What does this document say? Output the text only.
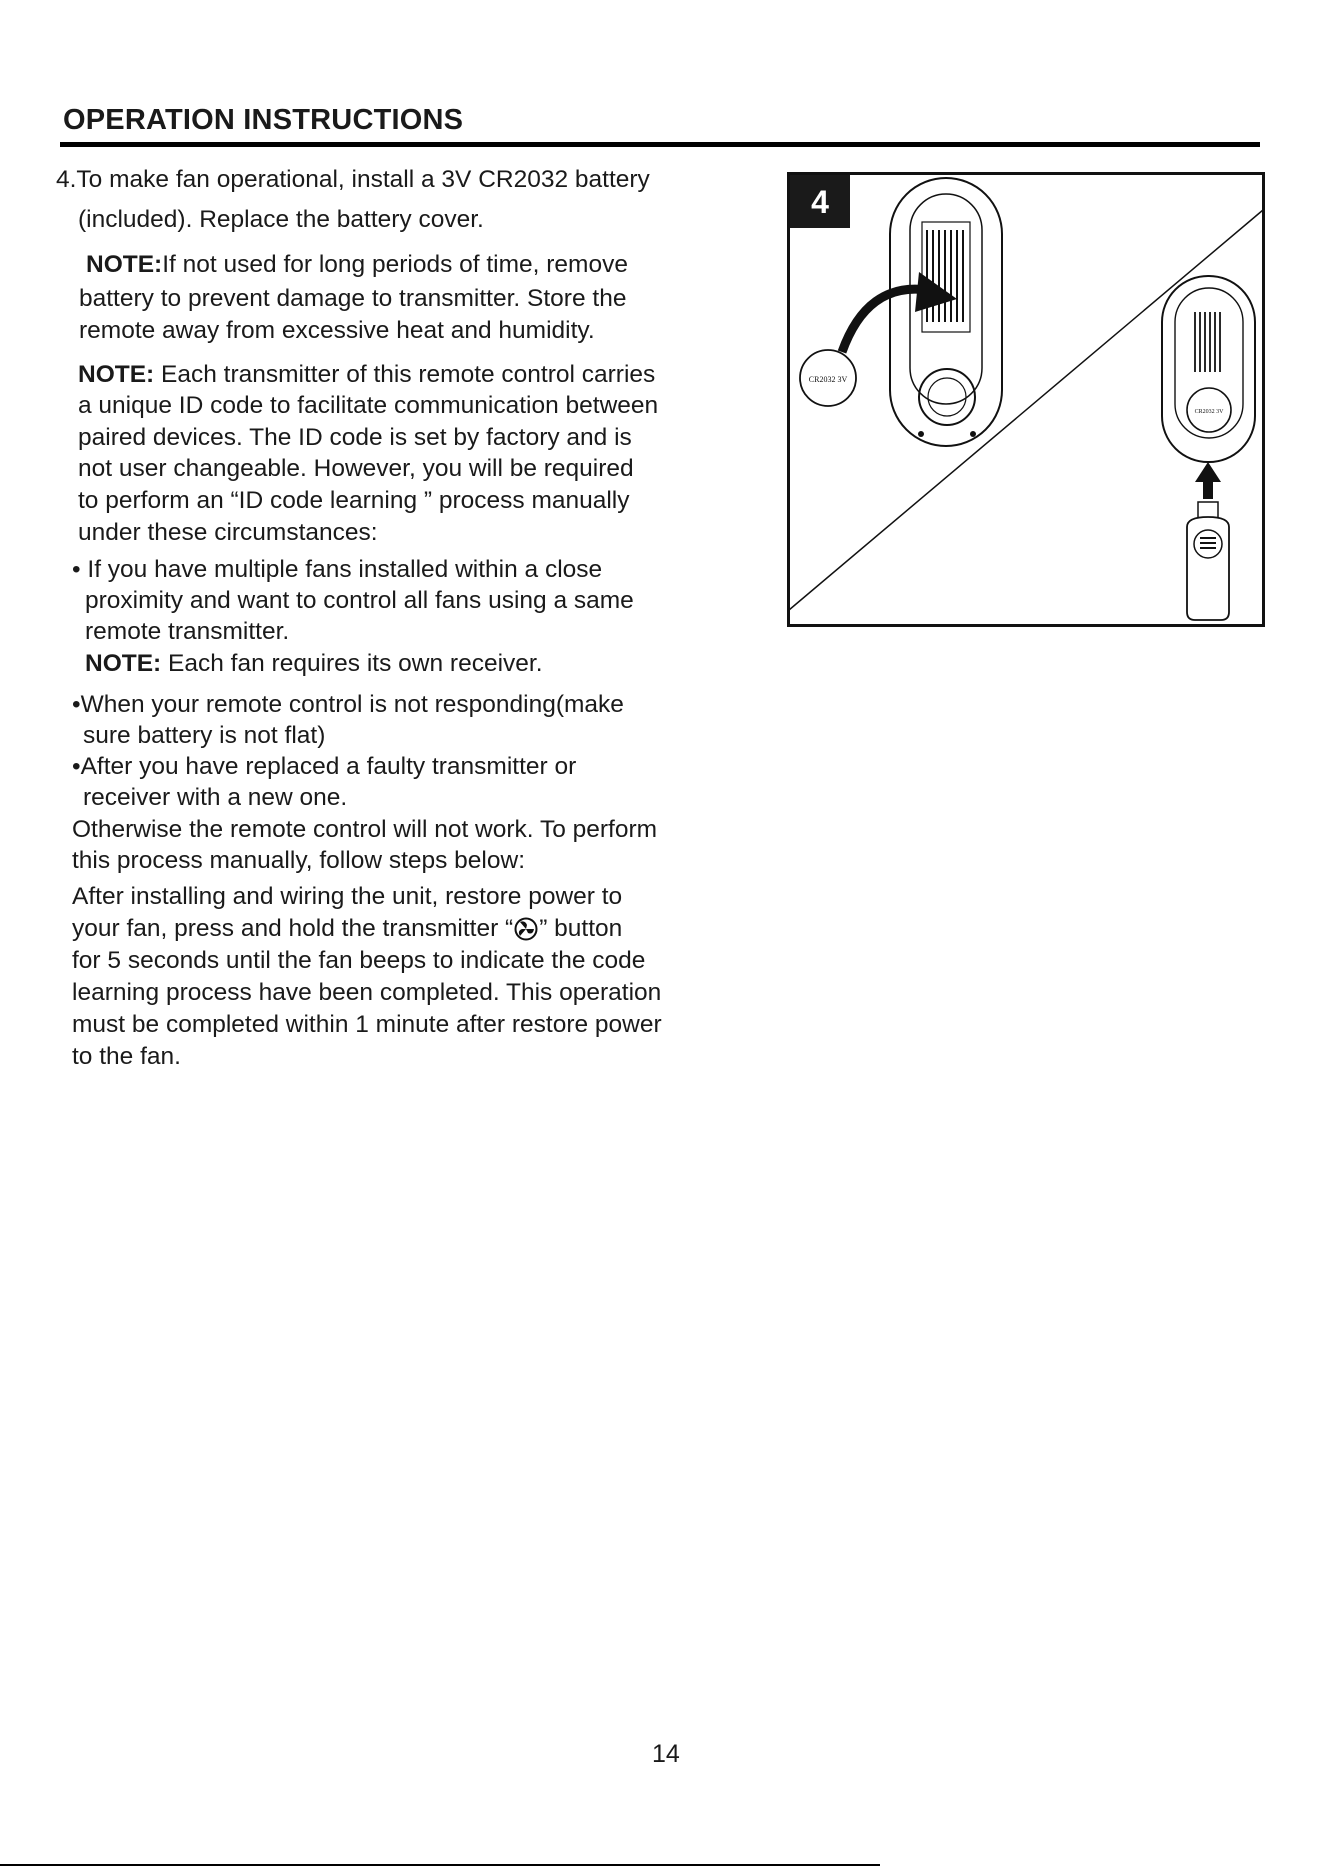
OPERATION INSTRUCTIONS
4.To make fan operational, install a 3V CR2032 battery
(included). Replace the battery cover.
NOTE:If not used for long periods of time, remove
battery to prevent damage to transmitter. Store the
remote away from excessive heat and humidity.
NOTE: Each transmitter of this remote control carries
a unique ID code to facilitate communication between
paired devices. The ID code is set by factory and is
not user changeable. However, you will be required
to perform an “ID code learning ” process manually
under these circumstances:
• If you have multiple fans installed within a close
proximity and want to control all fans using a same
remote transmitter.
NOTE: Each fan requires its own receiver.
•When your remote control is not responding(make
sure battery is not flat)
•After you have replaced a faulty transmitter or
receiver with a new one.
Otherwise the remote control will not work. To perform
this process manually, follow steps below:
After installing and wiring the unit, restore power to
your fan, press and hold the transmitter “ ” button
for 5 seconds until the fan beeps to indicate the code
learning process have been completed. This operation
must be completed within 1 minute after restore power
to the fan.
4
CR2032 3V
CR2032 3V
14
